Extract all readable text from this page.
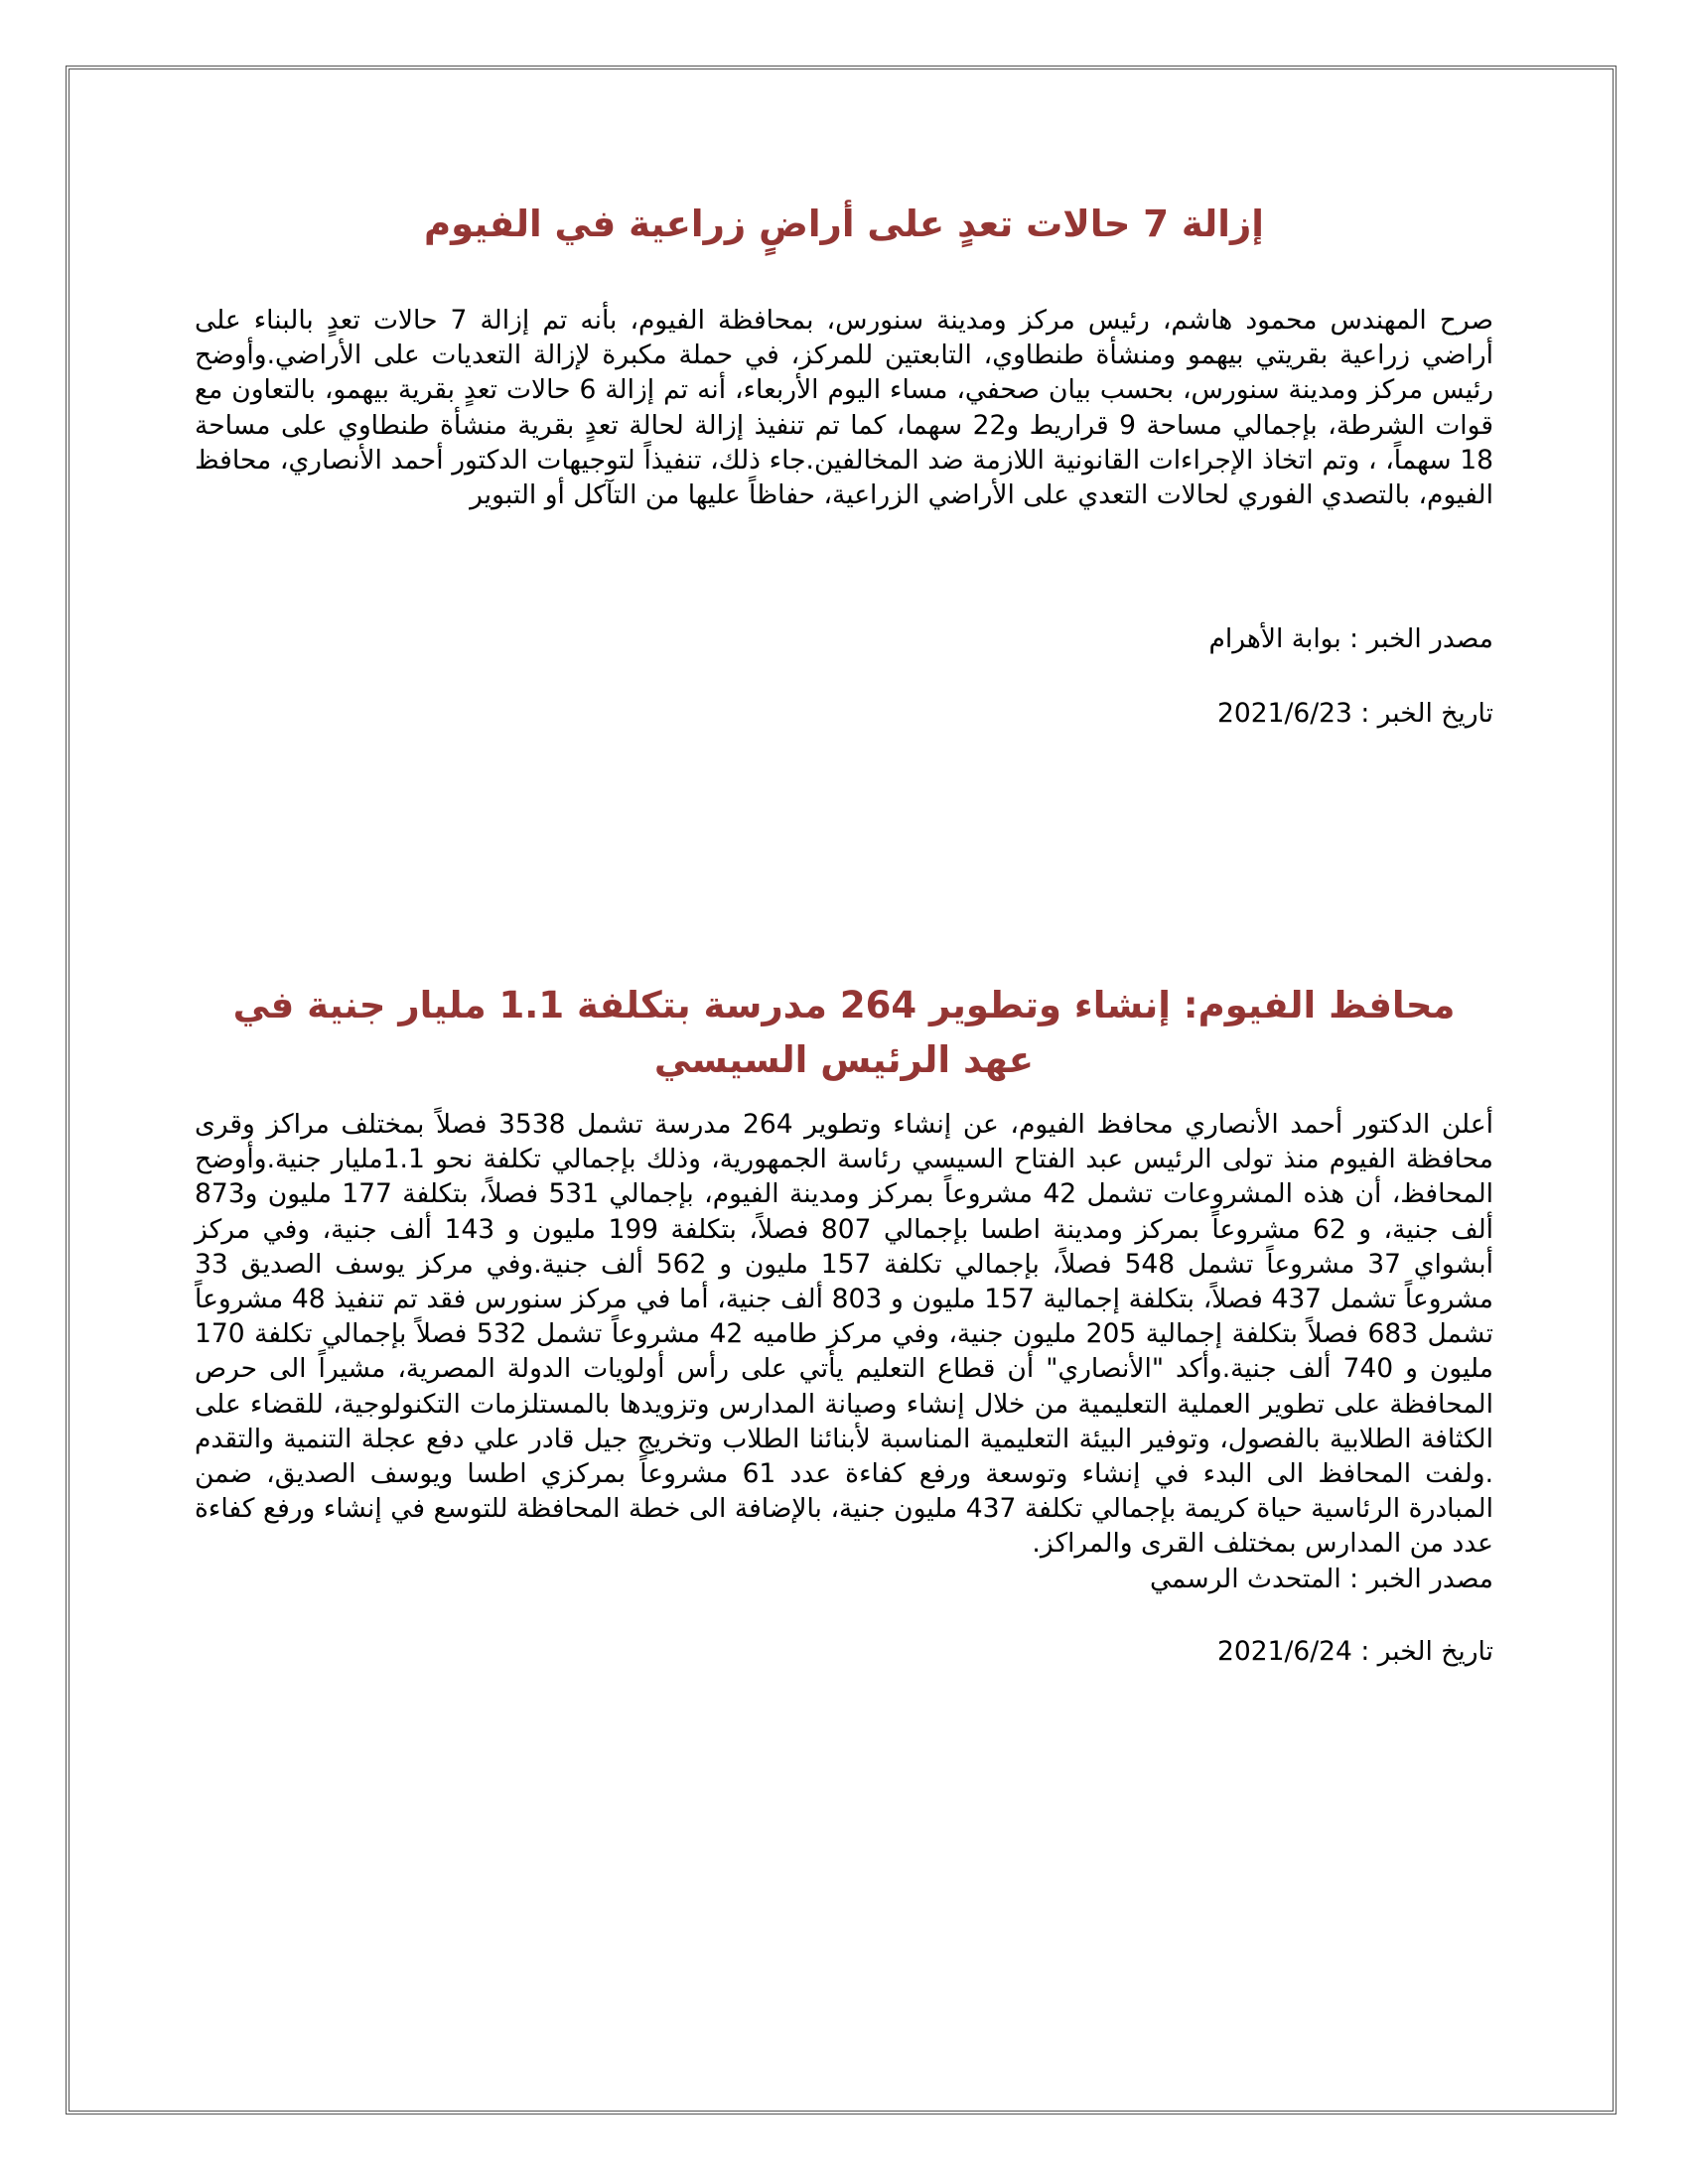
إزالة 7 حالات تعدٍ على أراضٍ زراعية في الفيوم

صرح المهندس محمود هاشم، رئيس مركز ومدينة سنورس، بمحافظة الفيوم، بأنه تم إزالة 7 حالات تعدٍ بالبناء على أراضي زراعية بقريتي بيهمو ومنشأة طنطاوي، التابعتين للمركز، في حملة مكبرة لإزالة التعديات على الأراضي.وأوضح رئيس مركز ومدينة سنورس، بحسب بيان صحفي، مساء اليوم الأربعاء، أنه تم إزالة 6 حالات تعدٍ بقرية بيهمو، بالتعاون مع قوات الشرطة، بإجمالي مساحة 9 قراريط و22 سهما، كما تم تنفيذ إزالة لحالة تعدٍ بقرية منشأة طنطاوي على مساحة 18 سهماً، ، وتم اتخاذ الإجراءات القانونية اللازمة ضد المخالفين.جاء ذلك، تنفيذاً لتوجيهات الدكتور أحمد الأنصاري، محافظ الفيوم، بالتصدي الفوري لحالات التعدي على الأراضي الزراعية، حفاظاً عليها من التآكل أو التبوير

مصدر الخبر : بوابة الأهرام

تاريخ الخبر : 2021/6/23

محافظ الفيوم: إنشاء وتطوير 264 مدرسة بتكلفة 1.1 مليار جنية في عهد الرئيس السيسي

أعلن الدكتور أحمد الأنصاري محافظ الفيوم، عن إنشاء وتطوير 264 مدرسة تشمل 3538 فصلاً بمختلف مراكز وقرى محافظة الفيوم منذ تولى الرئيس عبد الفتاح السيسي رئاسة الجمهورية، وذلك بإجمالي تكلفة نحو 1.1مليار جنية.وأوضح المحافظ، أن هذه المشروعات تشمل 42 مشروعاً بمركز ومدينة الفيوم، بإجمالي 531 فصلاً، بتكلفة 177 مليون و873 ألف جنية، و 62 مشروعاً بمركز ومدينة اطسا بإجمالي 807 فصلاً، بتكلفة 199 مليون و 143 ألف جنية، وفي مركز أبشواي 37 مشروعاً تشمل 548 فصلاً، بإجمالي تكلفة 157 مليون و 562 ألف جنية.وفي مركز يوسف الصديق 33 مشروعاً تشمل 437 فصلاً، بتكلفة إجمالية 157 مليون و 803 ألف جنية، أما في مركز سنورس فقد تم تنفيذ 48 مشروعاً تشمل 683 فصلاً بتكلفة إجمالية 205 مليون جنية، وفي مركز طاميه 42 مشروعاً تشمل 532 فصلاً بإجمالي تكلفة 170 مليون و 740 ألف جنية.وأكد "الأنصاري" أن قطاع التعليم يأتي على رأس أولويات الدولة المصرية، مشيراً الى حرص المحافظة على تطوير العملية التعليمية من خلال إنشاء وصيانة المدارس وتزويدها بالمستلزمات التكنولوجية، للقضاء على الكثافة الطلابية بالفصول، وتوفير البيئة التعليمية المناسبة لأبنائنا الطلاب وتخريج جيل قادر علي دفع عجلة التنمية والتقدم .ولفت المحافظ الى البدء في إنشاء وتوسعة ورفع كفاءة عدد 61 مشروعاً بمركزي اطسا ويوسف الصديق، ضمن المبادرة الرئاسية حياة كريمة بإجمالي تكلفة 437 مليون جنية، بالإضافة الى خطة المحافظة للتوسع في إنشاء ورفع كفاءة عدد من المدارس بمختلف القرى والمراكز.

مصدر الخبر : المتحدث الرسمي

تاريخ الخبر : 2021/6/24
